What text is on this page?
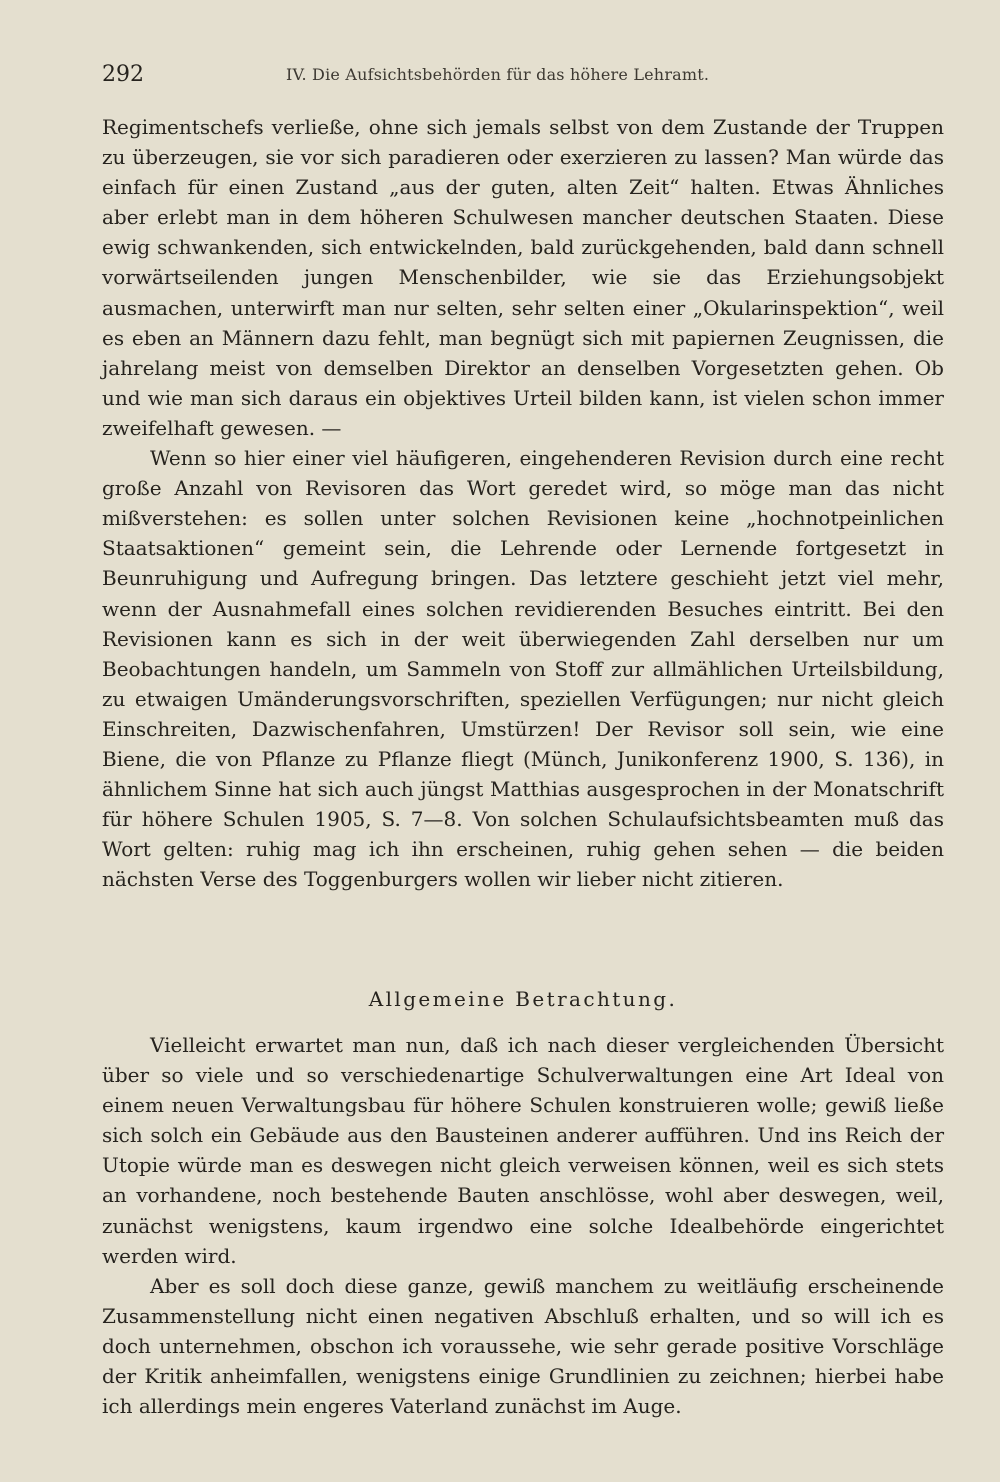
292	IV. Die Aufsichtsbehörden für das höhere Lehramt.

Regimentschefs verließe, ohne sich jemals selbst von dem Zustande der Truppen zu überzeugen, sie vor sich paradieren oder exerzieren zu lassen? Man würde das einfach für einen Zustand „aus der guten, alten Zeit“ halten. Etwas Ähnliches aber erlebt man in dem höheren Schulwesen mancher deutschen Staaten. Diese ewig schwankenden, sich entwickelnden, bald zurückgehenden, bald dann schnell vorwärtseilenden jungen Menschenbilder, wie sie das Erziehungsobjekt ausmachen, unterwirft man nur selten, sehr selten einer „Okularinspektion“, weil es eben an Männern dazu fehlt, man begnügt sich mit papiernen Zeugnissen, die jahrelang meist von demselben Direktor an denselben Vorgesetzten gehen. Ob und wie man sich daraus ein objektives Urteil bilden kann, ist vielen schon immer zweifelhaft gewesen. —

Wenn so hier einer viel häufigeren, eingehenderen Revision durch eine recht große Anzahl von Revisoren das Wort geredet wird, so möge man das nicht mißverstehen: es sollen unter solchen Revisionen keine „hochnotpeinlichen Staatsaktionen“ gemeint sein, die Lehrende oder Lernende fortgesetzt in Beunruhigung und Aufregung bringen. Das letztere geschieht jetzt viel mehr, wenn der Ausnahmefall eines solchen revidierenden Besuches eintritt. Bei den Revisionen kann es sich in der weit überwiegenden Zahl derselben nur um Beobachtungen handeln, um Sammeln von Stoff zur allmählichen Urteilsbildung, zu etwaigen Umänderungsvorschriften, speziellen Verfügungen; nur nicht gleich Einschreiten, Dazwischenfahren, Umstürzen! Der Revisor soll sein, wie eine Biene, die von Pflanze zu Pflanze fliegt (Münch, Junikonferenz 1900, S. 136), in ähnlichem Sinne hat sich auch jüngst Matthias ausgesprochen in der Monatschrift für höhere Schulen 1905, S. 7—8. Von solchen Schulaufsichtsbeamten muß das Wort gelten: ruhig mag ich ihn erscheinen, ruhig gehen sehen — die beiden nächsten Verse des Toggenburgers wollen wir lieber nicht zitieren.

Allgemeine Betrachtung.

Vielleicht erwartet man nun, daß ich nach dieser vergleichenden Übersicht über so viele und so verschiedenartige Schulverwaltungen eine Art Ideal von einem neuen Verwaltungsbau für höhere Schulen konstruieren wolle; gewiß ließe sich solch ein Gebäude aus den Bausteinen anderer aufführen. Und ins Reich der Utopie würde man es deswegen nicht gleich verweisen können, weil es sich stets an vorhandene, noch bestehende Bauten anschlösse, wohl aber deswegen, weil, zunächst wenigstens, kaum irgendwo eine solche Idealbehörde eingerichtet werden wird.

Aber es soll doch diese ganze, gewiß manchem zu weitläufig erscheinende Zusammenstellung nicht einen negativen Abschluß erhalten, und so will ich es doch unternehmen, obschon ich voraussehe, wie sehr gerade positive Vorschläge der Kritik anheimfallen, wenigstens einige Grundlinien zu zeichnen; hierbei habe ich allerdings mein engeres Vaterland zunächst im Auge.
